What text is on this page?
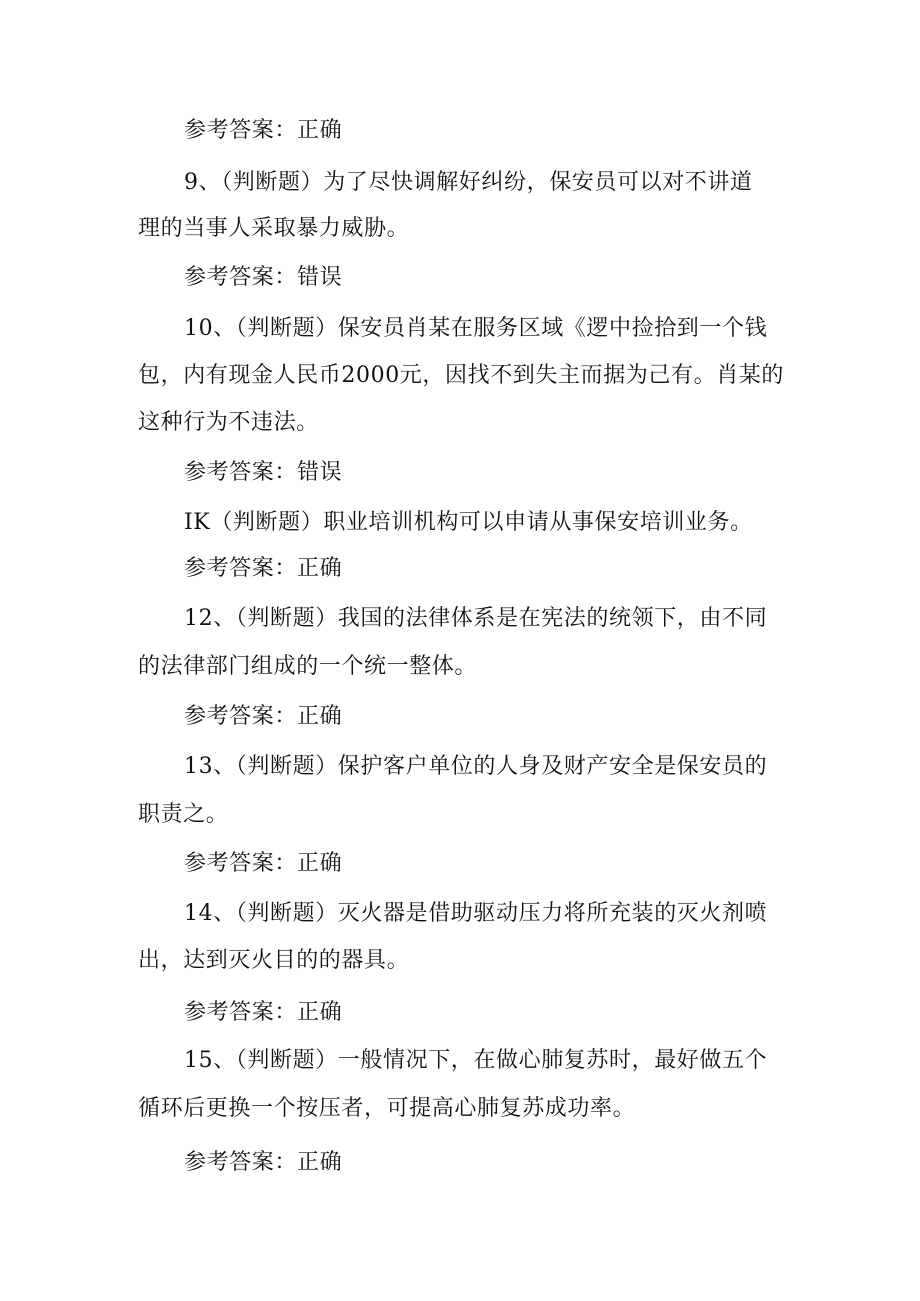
参考答案：正确
9、（判断题）为了尽快调解好纠纷，保安员可以对不讲道
理的当事人采取暴力威胁。
参考答案：错误
10、（判断题）保安员肖某在服务区域《逻中捡拾到一个钱
包，内有现金人民币2000元，因找不到失主而据为己有。肖某的
这种行为不违法。
参考答案：错误
IK（判断题）职业培训机构可以申请从事保安培训业务。
参考答案：正确
12、（判断题）我国的法律体系是在宪法的统领下，由不同
的法律部门组成的一个统一整体。
参考答案：正确
13、（判断题）保护客户单位的人身及财产安全是保安员的
职责之。
参考答案：正确
14、（判断题）灭火器是借助驱动压力将所充装的灭火剂喷
出，达到灭火目的的器具。
参考答案：正确
15、（判断题）一般情况下，在做心肺复苏时，最好做五个
循环后更换一个按压者，可提高心肺复苏成功率。
参考答案：正确
